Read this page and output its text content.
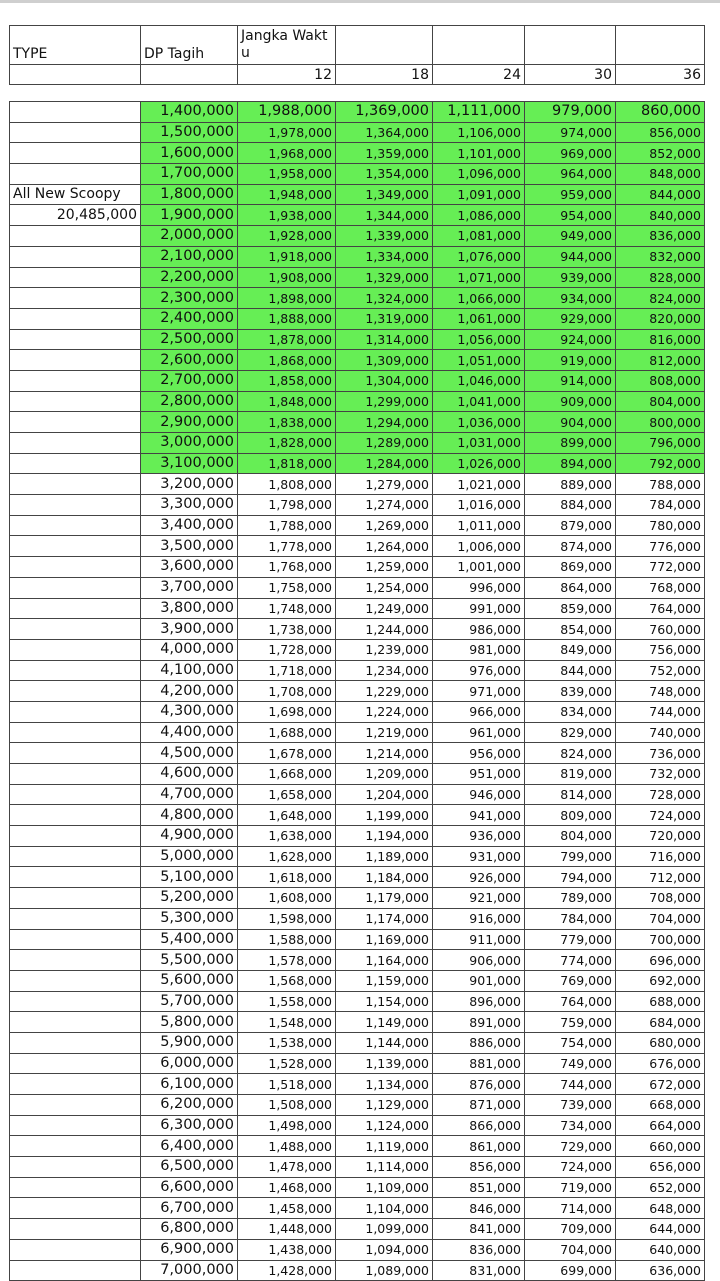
TYPE	DP Tagih	Jangka Waktu				
		12	18	24	30	36
	1,400,000	1,988,000	1,369,000	1,111,000	979,000	860,000
	1,500,000	1,978,000	1,364,000	1,106,000	974,000	856,000
	1,600,000	1,968,000	1,359,000	1,101,000	969,000	852,000
	1,700,000	1,958,000	1,354,000	1,096,000	964,000	848,000
All New Scoopy	1,800,000	1,948,000	1,349,000	1,091,000	959,000	844,000
20,485,000	1,900,000	1,938,000	1,344,000	1,086,000	954,000	840,000
	2,000,000	1,928,000	1,339,000	1,081,000	949,000	836,000
	2,100,000	1,918,000	1,334,000	1,076,000	944,000	832,000
	2,200,000	1,908,000	1,329,000	1,071,000	939,000	828,000
	2,300,000	1,898,000	1,324,000	1,066,000	934,000	824,000
	2,400,000	1,888,000	1,319,000	1,061,000	929,000	820,000
	2,500,000	1,878,000	1,314,000	1,056,000	924,000	816,000
	2,600,000	1,868,000	1,309,000	1,051,000	919,000	812,000
	2,700,000	1,858,000	1,304,000	1,046,000	914,000	808,000
	2,800,000	1,848,000	1,299,000	1,041,000	909,000	804,000
	2,900,000	1,838,000	1,294,000	1,036,000	904,000	800,000
	3,000,000	1,828,000	1,289,000	1,031,000	899,000	796,000
	3,100,000	1,818,000	1,284,000	1,026,000	894,000	792,000
	3,200,000	1,808,000	1,279,000	1,021,000	889,000	788,000
	3,300,000	1,798,000	1,274,000	1,016,000	884,000	784,000
	3,400,000	1,788,000	1,269,000	1,011,000	879,000	780,000
	3,500,000	1,778,000	1,264,000	1,006,000	874,000	776,000
	3,600,000	1,768,000	1,259,000	1,001,000	869,000	772,000
	3,700,000	1,758,000	1,254,000	996,000	864,000	768,000
	3,800,000	1,748,000	1,249,000	991,000	859,000	764,000
	3,900,000	1,738,000	1,244,000	986,000	854,000	760,000
	4,000,000	1,728,000	1,239,000	981,000	849,000	756,000
	4,100,000	1,718,000	1,234,000	976,000	844,000	752,000
	4,200,000	1,708,000	1,229,000	971,000	839,000	748,000
	4,300,000	1,698,000	1,224,000	966,000	834,000	744,000
	4,400,000	1,688,000	1,219,000	961,000	829,000	740,000
	4,500,000	1,678,000	1,214,000	956,000	824,000	736,000
	4,600,000	1,668,000	1,209,000	951,000	819,000	732,000
	4,700,000	1,658,000	1,204,000	946,000	814,000	728,000
	4,800,000	1,648,000	1,199,000	941,000	809,000	724,000
	4,900,000	1,638,000	1,194,000	936,000	804,000	720,000
	5,000,000	1,628,000	1,189,000	931,000	799,000	716,000
	5,100,000	1,618,000	1,184,000	926,000	794,000	712,000
	5,200,000	1,608,000	1,179,000	921,000	789,000	708,000
	5,300,000	1,598,000	1,174,000	916,000	784,000	704,000
	5,400,000	1,588,000	1,169,000	911,000	779,000	700,000
	5,500,000	1,578,000	1,164,000	906,000	774,000	696,000
	5,600,000	1,568,000	1,159,000	901,000	769,000	692,000
	5,700,000	1,558,000	1,154,000	896,000	764,000	688,000
	5,800,000	1,548,000	1,149,000	891,000	759,000	684,000
	5,900,000	1,538,000	1,144,000	886,000	754,000	680,000
	6,000,000	1,528,000	1,139,000	881,000	749,000	676,000
	6,100,000	1,518,000	1,134,000	876,000	744,000	672,000
	6,200,000	1,508,000	1,129,000	871,000	739,000	668,000
	6,300,000	1,498,000	1,124,000	866,000	734,000	664,000
	6,400,000	1,488,000	1,119,000	861,000	729,000	660,000
	6,500,000	1,478,000	1,114,000	856,000	724,000	656,000
	6,600,000	1,468,000	1,109,000	851,000	719,000	652,000
	6,700,000	1,458,000	1,104,000	846,000	714,000	648,000
	6,800,000	1,448,000	1,099,000	841,000	709,000	644,000
	6,900,000	1,438,000	1,094,000	836,000	704,000	640,000
	7,000,000	1,428,000	1,089,000	831,000	699,000	636,000
